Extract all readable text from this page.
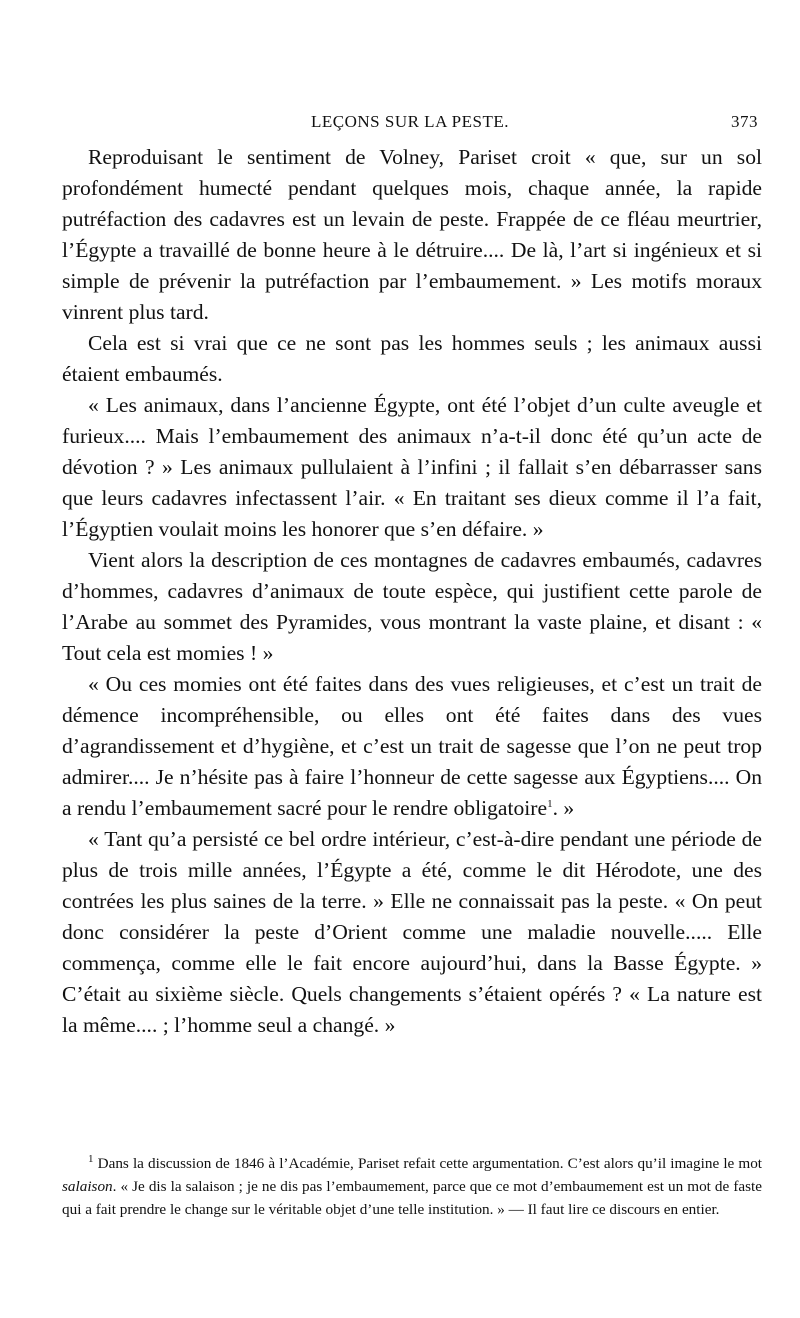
LEÇONS SUR LA PESTE.	373

Reproduisant le sentiment de Volney, Pariset croit « que, sur un sol profondément humecté pendant quelques mois, chaque année, la rapide putréfaction des cadavres est un levain de peste. Frappée de ce fléau meurtrier, l’Égypte a travaillé de bonne heure à le détruire.... De là, l’art si ingénieux et si simple de prévenir la putréfaction par l’embaumement. » Les motifs moraux vinrent plus tard.

Cela est si vrai que ce ne sont pas les hommes seuls ; les animaux aussi étaient embaumés.

« Les animaux, dans l’ancienne Égypte, ont été l’objet d’un culte aveugle et furieux.... Mais l’embaumement des animaux n’a-t-il donc été qu’un acte de dévotion ? » Les animaux pullulaient à l’infini ; il fallait s’en débarrasser sans que leurs cadavres infectassent l’air. « En traitant ses dieux comme il l’a fait, l’Égyptien voulait moins les honorer que s’en défaire. »

Vient alors la description de ces montagnes de cadavres embaumés, cadavres d’hommes, cadavres d’animaux de toute espèce, qui justifient cette parole de l’Arabe au sommet des Pyramides, vous montrant la vaste plaine, et disant : « Tout cela est momies ! »

« Ou ces momies ont été faites dans des vues religieuses, et c’est un trait de démence incompréhensible, ou elles ont été faites dans des vues d’agrandissement et d’hygiène, et c’est un trait de sagesse que l’on ne peut trop admirer.... Je n’hésite pas à faire l’honneur de cette sagesse aux Égyptiens.... On a rendu l’embaumement sacré pour le rendre obligatoire$^1$. »

« Tant qu’a persisté ce bel ordre intérieur, c’est-à-dire pendant une période de plus de trois mille années, l’Égypte a été, comme le dit Hérodote, une des contrées les plus saines de la terre. » Elle ne connaissait pas la peste. « On peut donc considérer la peste d’Orient comme une maladie nouvelle..... Elle commença, comme elle le fait encore aujourd’hui, dans la Basse Égypte. » C’était au sixième siècle. Quels changements s’étaient opérés ? « La nature est la même.... ; l’homme seul a changé. »

$^1$ Dans la discussion de 1846 à l’Académie, Pariset refait cette argumentation. C’est alors qu’il imagine le mot salaison. « Je dis la salaison ; je ne dis pas l’embaumement, parce que ce mot d’embaumement est un mot de faste qui a fait prendre le change sur le véritable objet d’une telle institution. » — Il faut lire ce discours en entier.
